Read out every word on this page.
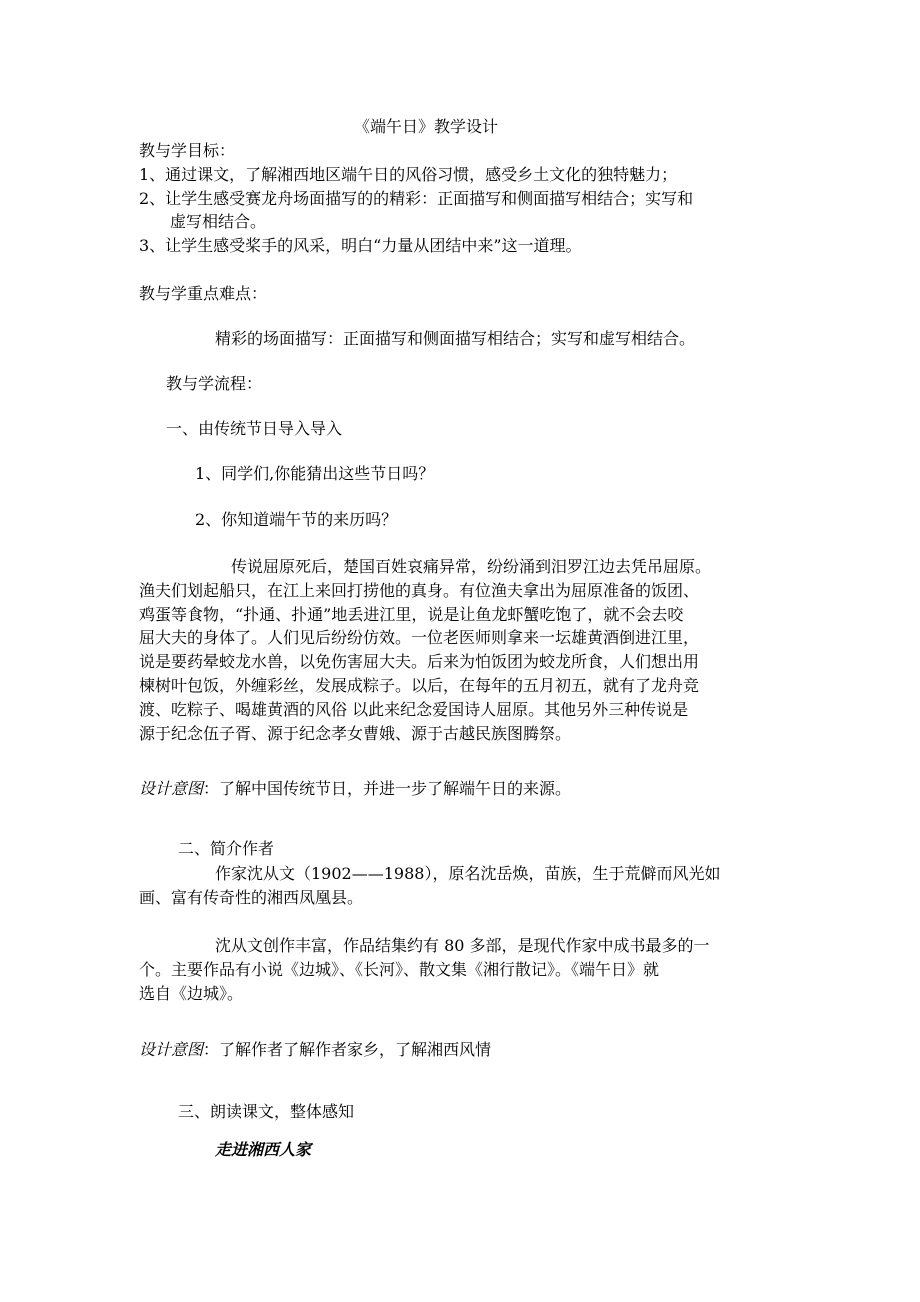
《端午日》教学设计
教与学目标：
1、通过课文，了解湘西地区端午日的风俗习惯，感受乡土文化的独特魅力；
2、让学生感受赛龙舟场面描写的的精彩：正面描写和侧面描写相结合；实写和
虚写相结合。
3、让学生感受桨手的风采，明白“力量从团结中来”这一道理。
教与学重点难点：
精彩的场面描写：正面描写和侧面描写相结合；实写和虚写相结合。
教与学流程：
一、由传统节日导入导入
1、同学们,你能猜出这些节日吗？
2、你知道端午节的来历吗？
传说屈原死后，楚国百姓哀痛异常，纷纷涌到汨罗江边去凭吊屈原。
渔夫们划起船只，在江上来回打捞他的真身。有位渔夫拿出为屈原准备的饭团、
鸡蛋等食物，“扑通、扑通”地丢进江里，说是让鱼龙虾蟹吃饱了，就不会去咬
屈大夫的身体了。人们见后纷纷仿效。一位老医师则拿来一坛雄黄酒倒进江里，
说是要药晕蛟龙水兽，以免伤害屈大夫。后来为怕饭团为蛟龙所食，人们想出用
楝树叶包饭，外缠彩丝，发展成粽子。以后，在每年的五月初五，就有了龙舟竞
渡、吃粽子、喝雄黄酒的风俗 以此来纪念爱国诗人屈原。其他另外三种传说是
源于纪念伍子胥、源于纪念孝女曹娥、源于古越民族图腾祭。
设计意图：了解中国传统节日，并进一步了解端午日的来源。
二、简介作者
作家沈从文（1902——1988），原名沈岳焕，苗族，生于荒僻而风光如
画、富有传奇性的湘西凤凰县。
沈从文创作丰富，作品结集约有 80 多部，是现代作家中成书最多的一
个。主要作品有小说《边城》、《长河》、散文集《湘行散记》。《端午日》就
选自《边城》。
设计意图：了解作者了解作者家乡，了解湘西风情
三、朗读课文，整体感知
走进湘西人家
